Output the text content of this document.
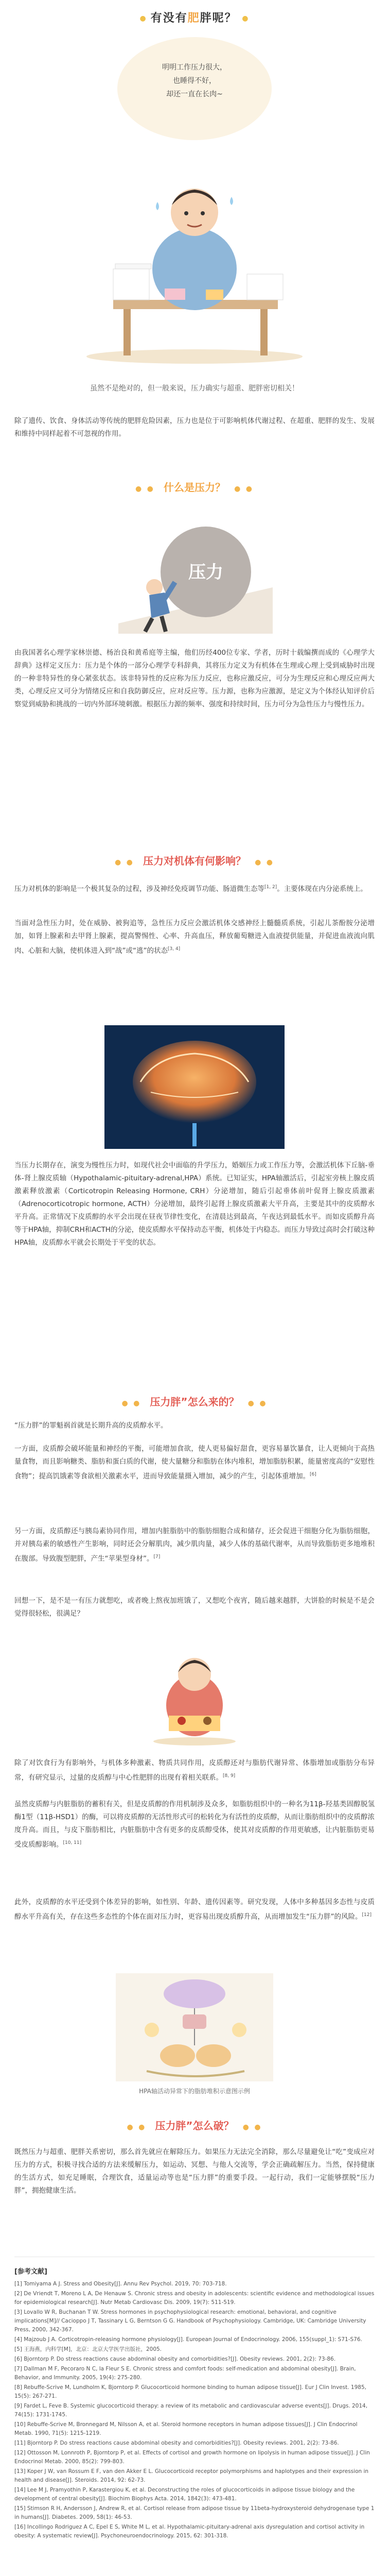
● 有没有肥胖呢？ ●
明明工作压力很大，
也睡得不好，
却还一直在长肉~
虽然不是绝对的，但一般来说，压力确实与超重、肥胖密切相关！

除了遗传、饮食、身体活动等传统的肥胖危险因素，压力也是位于可影响机体代谢过程、在超重、肥胖的发生、发展和维持中同样起着不可忽视的作用。

● ● 什么是压力？ ● ●
压力

由我国著名心理学家林崇德、杨治良和黄希庭等主编，他们历经400位专家、学者，历时十载编撰而成的《心理学大辞典》这样定义压力：压力是个体的一部分心理学专科辞典，其将压力定义为有机体在生理或心理上受到威胁时出现的一种非特异性的身心紧张状态。该非特异性的反应称为压力反应，也称应激反应，可分为生理反应和心理反应两大类，心理反应又可分为情绪反应和自我防御反应，应对反应等。压力源，也称为应激源，是定义为个体经认知评价后察觉到威胁和挑战的一切内外部环境刺激。根据压力源的频率、强度和持续时间，压力可分为急性压力与慢性压力。

● ● 压力对机体有何影响？ ● ●

压力对机体的影响是一个极其复杂的过程，涉及神经免疫调节功能、肠道微生态等[1, 2]。主要体现在内分泌系统上。

当面对急性压力时，处在威胁、被狗追等，急性压力反应会激活机体交感神经上髓髓质系统，引起儿茶酚胺分泌增加，如肾上腺素和去甲肾上腺素，提高警惕性、心率、升高血压，释放葡萄糖进入血液提供能量，并促进血液流向肌肉、心脏和大脑，使机体进入到“战”或“逃”的状态[3, 4]

当压力长期存在，演变为慢性压力时，如现代社会中面临的升学压力，婚姻压力或工作压力等，会激活机体下丘脑-垂体-肾上腺皮质轴（Hypothalamic-pituitary-adrenal,HPA）系统。已知证实，HPA轴激活后，引起室旁核上腺皮质激素释放激素（Corticotropin Releasing Hormone, CRH）分泌增加，随后引起垂体前叶促肾上腺皮质激素（Adrenocorticotropic hormone, ACTH）分泌增加，最终引起肾上腺皮质激素大平升高，主要是其中的皮质醇水平升高。正常情况下皮质醇的水平会出现在昼夜节律性变化，在清晨达到最高，午夜达到最低水平。而如皮质醇升高等于HPA轴，抑制CRH和ACTH的分泌，使皮质醇水平保持动态平衡，机体处于内稳态。而压力导致过高时会打破这种HPA轴，皮质醇水平就会长期处于平变的状态。

● ● 压力胖”怎么来的？ ● ●

“压力胖”的罪魁祸首就是长期升高的皮质醇水平。

一方面，皮质醇会破坏能量和神经的平衡，可能增加食欲，使人更易偏好甜食，更容易暴饮暴食，让人更倾向于高热量食物，而且影响糖类、脂肪和蛋白质的代谢，使大量糖分和脂肪在体内堆积，增加脂肪积累，能量密度高的“安慰性食物”；提高饥饿素等食欲相关激素水平，进而导致能量摄入增加，减少的产生，引起体重增加。[6]

另一方面，皮质醇还与胰岛素协同作用，增加内脏脂肪中的脂肪细胞合成和储存，还会促进干细胞分化为脂肪细胞，并对胰岛素的敏感性产生影响，同时还会分解肌肉，减少肌肉量，减少人体的基础代谢率，从而导致脂肪更多地堆积在腹部。导致腹型肥胖，产生“苹果型身材”。[7]

回想一下，是不是一有压力就想吃，或者晚上熬夜加班饿了，又想吃个夜宵，随后越来越胖，大饼脸的时候是不是会觉得很轻松，很满足？

除了对饮食行为有影响外，与机体多种激素、物质共同作用，皮质醇还对与脂肪代谢异常、体脂增加或脂肪分布异常，有研究显示，过量的皮质醇与中心性肥胖的出现有着相关联系。[8, 9]

虽然皮质醇与内脏脂肪的蓄积有关，但是皮质醇的作用机制涉及众多，如脂肪组织中的一种名为11β-羟基类固醇脱氢酶1型（11β-HSD1）的酶，可以将皮质醇的无活性形式可的松转化为有活性的皮质醇，从而让脂肪组织中的皮质醇浓度升高。而且，与皮下脂肪相比，内脏脂肪中含有更多的皮质醇受体，使其对皮质醇的作用更敏感，让内脏脂肪更易受皮质醇影响。[10, 11]

此外，皮质醇的水平还受到个体差异的影响，如性别、年龄、遗传因素等。研究发现，人体中多种基因多态性与皮质醇水平升高有关，存在这些多态性的个体在面对压力时，更容易出现皮质醇升高，从而增加发生“压力胖”的风险。[12]

HPA轴活动异常下的脂肪堆积示意图示例
● ● 压力胖”怎么破？ ● ●

既然压力与超重、肥胖关系密切，那么首先就应在解除压力。如果压力无法完全消除，那么尽量避免让“吃”变成应对压力的方式，积极寻找合适的方法来缓解压力，如运动、冥想、与他人交流等，学会正确疏解压力。当然，保持健康的生活方式，如充足睡眠，合理饮食，适量运动等也是“压力胖”的重要手段。一起行动，我们一定能够摆脱“压力胖”，拥抱健康生活。

[参考文献]
[1] Tomiyama A J. Stress and Obesity[J]. Annu Rev Psychol. 2019, 70: 703-718.
[2] De Vriendt T, Moreno L A, De Henauw S. Chronic stress and obesity in adolescents: scientific evidence and methodological issues for epidemiological research[J]. Nutr Metab Cardiovasc Dis. 2009, 19(7): 511-519.
[3] Lovallo W R, Buchanan T W. Stress hormones in psychophysiological research: emotional, behavioral, and cognitive implications[M]// Cacioppo J T, Tassinary L G, Berntson G G. Handbook of Psychophysiology. Cambridge, UK: Cambridge University Press, 2000, 342-367.
[4] Majzoub J A. Corticotropin-releasing hormone physiology[J]. European Journal of Endocrinology. 2006, 155(suppl_1): S71-S76.
[5] 王海燕，内科学[M]，北京：北京大学医学出版社，2005.
[6] Bjorntorp P. Do stress reactions cause abdominal obesity and comorbidities?[J]. Obesity reviews. 2001, 2(2): 73-86.
[7] Dallman M F, Pecoraro N C, la Fleur S E. Chronic stress and comfort foods: self-medication and abdominal obesity[J]. Brain, Behavior, and Immunity. 2005, 19(4): 275-280.
[8] Rebuffe-Scrive M, Lundholm K, Bjorntorp P. Glucocorticoid hormone binding to human adipose tissue[J]. Eur J Clin Invest. 1985, 15(5): 267-271.
[9] Fardet L, Feve B. Systemic glucocorticoid therapy: a review of its metabolic and cardiovascular adverse events[J]. Drugs. 2014, 74(15): 1731-1745.
[10] Rebuffe-Scrive M, Bronnegard M, Nilsson A, et al. Steroid hormone receptors in human adipose tissues[J]. J Clin Endocrinol Metab. 1990, 71(5): 1215-1219.
[11] Bjorntorp P. Do stress reactions cause abdominal obesity and comorbidities?[J]. Obesity reviews. 2001, 2(2): 73-86.
[12] Ottosson M, Lonnroth P, Bjorntorp P, et al. Effects of cortisol and growth hormone on lipolysis in human adipose tissue[J]. J Clin Endocrinol Metab. 2000, 85(2): 799-803.
[13] Koper J W, van Rossum E F, van den Akker E L. Glucocorticoid receptor polymorphisms and haplotypes and their expression in health and disease[J]. Steroids. 2014, 92: 62-73.
[14] Lee M J, Pramyothin P, Karastergiou K, et al. Deconstructing the roles of glucocorticoids in adipose tissue biology and the development of central obesity[J]. Biochim Biophys Acta. 2014, 1842(3): 473-481.
[15] Stimson R H, Andersson J, Andrew R, et al. Cortisol release from adipose tissue by 11beta-hydroxysteroid dehydrogenase type 1 in humans[J]. Diabetes. 2009, 58(1): 46-53.
[16] Incollingo Rodriguez A C, Epel E S, White M L, et al. Hypothalamic-pituitary-adrenal axis dysregulation and cortisol activity in obesity: A systematic review[J]. Psychoneuroendocrinology. 2015, 62: 301-318.
